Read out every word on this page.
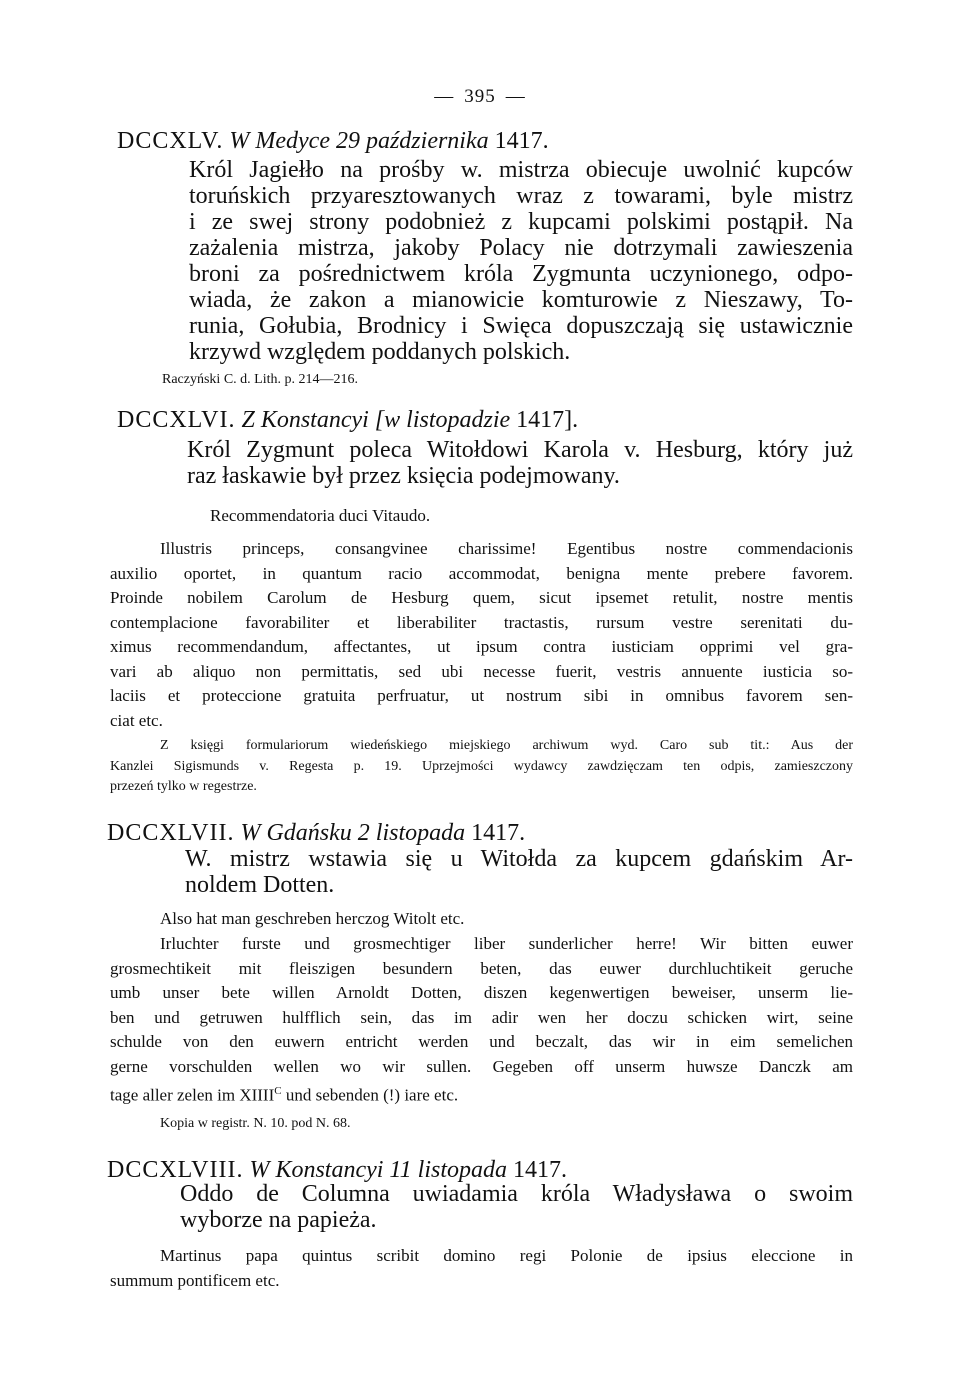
— 395 —
DCCXLV. W Medyce 29 października 1417.

Król Jagiełło na prośby w. mistrza obiecuje uwolnić kupców

toruńskich przyaresztowanych wraz z towarami, byle mistrz

i ze swej strony podobnież z kupcami polskimi postąpił. Na

zażalenia mistrza, jakoby Polacy nie dotrzymali zawieszenia

broni za pośrednictwem króla Zygmunta uczynionego, odpo-

wiada, że zakon a mianowicie komturowie z Nieszawy, To-

runia, Gołubia, Brodnicy i Swięca dopuszczają się ustawicznie

krzywd względem poddanych polskich.

Raczyński C. d. Lith. p. 214—216.
DCCXLVI. Z Konstancyi [w listopadzie 1417].

Król Zygmunt poleca Witołdowi Karola v. Hesburg, który już

raz łaskawie był przez księcia podejmowany.

Recommendatoria duci Vitaudo.
Illustris princeps, consangvinee charissime! Egentibus nostre commendacionis
auxilio oportet, in quantum racio accommodat, benigna mente prebere favorem.
Proinde nobilem Carolum de Hesburg quem, sicut ipsemet retulit, nostre mentis
contemplacione favorabiliter et liberabiliter tractastis, rursum vestre serenitati du-
ximus recommendandum, affectantes, ut ipsum contra iusticiam opprimi vel gra-
vari ab aliquo non permittatis, sed ubi necesse fuerit, vestris annuente iusticia so-
laciis et proteccione gratuita perfruatur, ut nostrum sibi in omnibus favorem sen-
ciat etc.
Z księgi formulariorum wiedeńskiego miejskiego archiwum wyd. Caro sub tit.: Aus der
Kanzlei Sigismunds v. Regesta p. 19. Uprzejmości wydawcy zawdzięczam ten odpis, zamieszczony
przezeń tylko w regestrze.
DCCXLVII. W Gdańsku 2 listopada 1417.

W. mistrz wstawia się u Witołda za kupcem gdańskim Ar-

noldem Dotten.

Also hat man geschreben herczog Witolt etc.
Irluchter furste und grosmechtiger liber sunderlicher herre! Wir bitten euwer
grosmechtikeit mit fleiszigen besundern beten, das euwer durchluchtikeit geruche
umb unser bete willen Arnoldt Dotten, diszen kegenwertigen beweiser, unserm lie-
ben und getruwen hulfflich sein, das im adir wen her doczu schicken wirt, seine
schulde von den euwern entricht werden und beczalt, das wir in eim semelichen
gerne vorschulden wellen wo wir sullen. Gegeben off unserm huwsze Danczk am
tage aller zelen im $XIIII^C$ und sebenden (!) iare etc.
Kopia w registr. N. 10. pod N. 68.
DCCXLVIII. W Konstancyi 11 listopada 1417.

Oddo de Columna uwiadamia króla Władysława o swoim

wyborze na papieża.

Martinus papa quintus scribit domino regi Polonie de ipsius eleccione in
summum pontificem etc.
